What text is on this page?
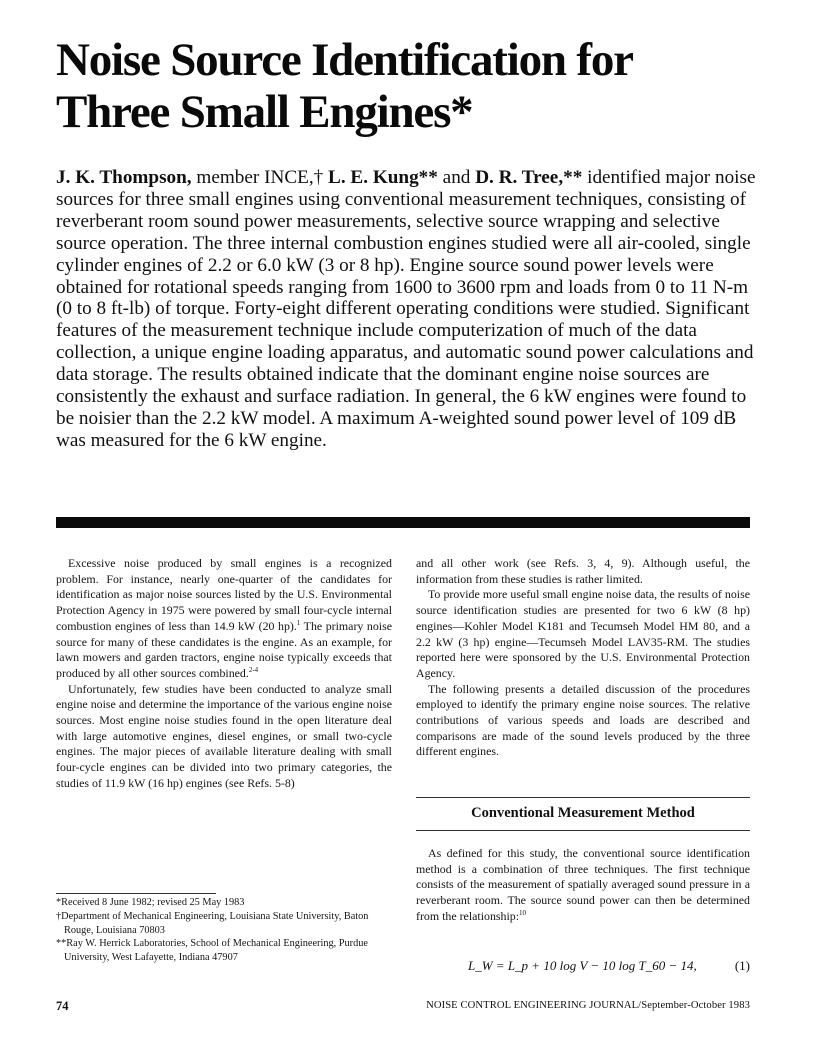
Noise Source Identification for
Three Small Engines*

J. K. Thompson, member INCE,† L. E. Kung** and D. R. Tree,** identified major noise sources for three small engines using conventional measurement techniques, consisting of reverberant room sound power measurements, selective source wrapping and selective source operation. The three internal combustion engines studied were all air-cooled, single cylinder engines of 2.2 or 6.0 kW (3 or 8 hp). Engine source sound power levels were obtained for rotational speeds ranging from 1600 to 3600 rpm and loads from 0 to 11 N-m (0 to 8 ft-lb) of torque. Forty-eight different operating conditions were studied. Significant features of the measurement technique include computerization of much of the data collection, a unique engine loading apparatus, and automatic sound power calculations and data storage. The results obtained indicate that the dominant engine noise sources are consistently the exhaust and surface radiation. In general, the 6 kW engines were found to be noisier than the 2.2 kW model. A maximum A-weighted sound power level of 109 dB was measured for the 6 kW engine.

Excessive noise produced by small engines is a recognized problem. For instance, nearly one-quarter of the candidates for identification as major noise sources listed by the U.S. Environmental Protection Agency in 1975 were powered by small four-cycle internal combustion engines of less than 14.9 kW (20 hp).$^1$ The primary noise source for many of these candidates is the engine. As an example, for lawn mowers and garden tractors, engine noise typically exceeds that produced by all other sources combined.$^{2-4}$

Unfortunately, few studies have been conducted to analyze small engine noise and determine the importance of the various engine noise sources. Most engine noise studies found in the open literature deal with large automotive engines, diesel engines, or small two-cycle engines. The major pieces of available literature dealing with small four-cycle engines can be divided into two primary categories, the studies of 11.9 kW (16 hp) engines (see Refs. 5-8)

*Received 8 June 1982; revised 25 May 1983
†Department of Mechanical Engineering, Louisiana State University, Baton Rouge, Louisiana 70803
**Ray W. Herrick Laboratories, School of Mechanical Engineering, Purdue University, West Lafayette, Indiana 47907

and all other work (see Refs. 3, 4, 9). Although useful, the information from these studies is rather limited.

To provide more useful small engine noise data, the results of noise source identification studies are presented for two 6 kW (8 hp) engines—Kohler Model K181 and Tecumseh Model HM 80, and a 2.2 kW (3 hp) engine—Tecumseh Model LAV35-RM. The studies reported here were sponsored by the U.S. Environmental Protection Agency.

The following presents a detailed discussion of the procedures employed to identify the primary engine noise sources. The relative contributions of various speeds and loads are described and comparisons are made of the sound levels produced by the three different engines.

Conventional Measurement Method

As defined for this study, the conventional source identification method is a combination of three techniques. The first technique consists of the measurement of spatially averaged sound pressure in a reverberant room. The source sound power can then be determined from the relationship:$^{10}$

L_W = L_p + 10 log V − 10 log T_60 − 14,	(1)
74	NOISE CONTROL ENGINEERING JOURNAL/September-October 1983
